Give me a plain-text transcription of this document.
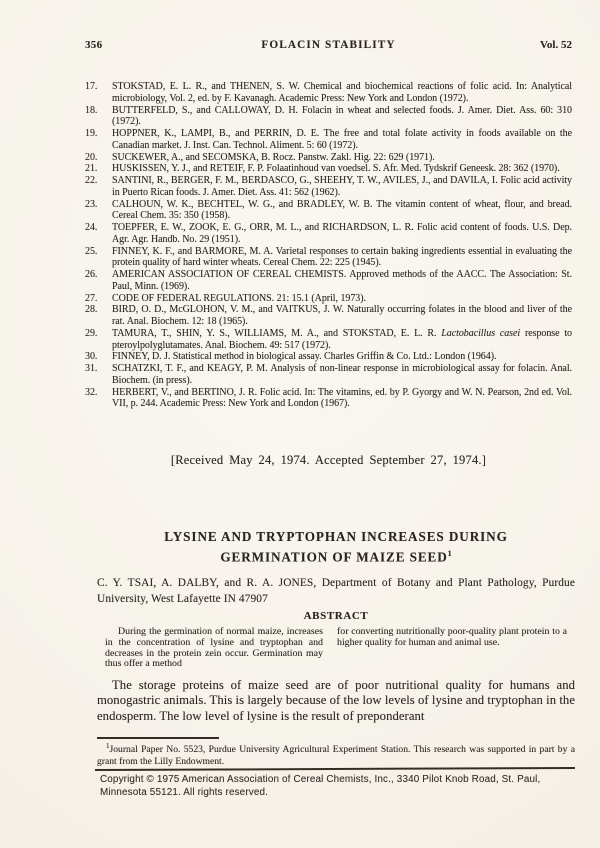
356	FOLACIN STABILITY	Vol. 52
17. STOKSTAD, E. L. R., and THENEN, S. W. Chemical and biochemical reactions of folic acid. In: Analytical microbiology, Vol. 2, ed. by F. Kavanagh. Academic Press: New York and London (1972).
18. BUTTERFELD, S., and CALLOWAY, D. H. Folacin in wheat and selected foods. J. Amer. Diet. Ass. 60: 310 (1972).
19. HOPPNER, K., LAMPI, B., and PERRIN, D. E. The free and total folate activity in foods available on the Canadian market. J. Inst. Can. Technol. Aliment. 5: 60 (1972).
20. SUCKEWER, A., and SECOMSKA, B. Rocz. Panstw. Zakl. Hig. 22: 629 (1971).
21. HUSKISSEN, Y. J., and RETEIF, F. P. Folaatinhoud van voedsel. S. Afr. Med. Tydskrif Geneesk. 28: 362 (1970).
22. SANTINI, R., BERGER, F. M., BERDASCO, G., SHEEHY, T. W., AVILES, J., and DAVILA, I. Folic acid activity in Puerto Rican foods. J. Amer. Diet. Ass. 41: 562 (1962).
23. CALHOUN, W. K., BECHTEL, W. G., and BRADLEY, W. B. The vitamin content of wheat, flour, and bread. Cereal Chem. 35: 350 (1958).
24. TOEPFER, E. W., ZOOK, E. G., ORR, M. L., and RICHARDSON, L. R. Folic acid content of foods. U.S. Dep. Agr. Agr. Handb. No. 29 (1951).
25. FINNEY, K. F., and BARMORE, M. A. Varietal responses to certain baking ingredients essential in evaluating the protein quality of hard winter wheats. Cereal Chem. 22: 225 (1945).
26. AMERICAN ASSOCIATION OF CEREAL CHEMISTS. Approved methods of the AACC. The Association: St. Paul, Minn. (1969).
27. CODE OF FEDERAL REGULATIONS. 21: 15.1 (April, 1973).
28. BIRD, O. D., McGLOHON, V. M., and VAITKUS, J. W. Naturally occurring folates in the blood and liver of the rat. Anal. Biochem. 12: 18 (1965).
29. TAMURA, T., SHIN, Y. S., WILLIAMS, M. A., and STOKSTAD, E. L. R. Lactobacillus casei response to pteroylpolyglutamates. Anal. Biochem. 49: 517 (1972).
30. FINNEY, D. J. Statistical method in biological assay. Charles Griffin & Co. Ltd.: London (1964).
31. SCHATZKI, T. F., and KEAGY, P. M. Analysis of non-linear response in microbiological assay for folacin. Anal. Biochem. (in press).
32. HERBERT, V., and BERTINO, J. R. Folic acid. In: The vitamins, ed. by P. Gyorgy and W. N. Pearson, 2nd ed. Vol. VII, p. 244. Academic Press: New York and London (1967).

[Received May 24, 1974. Accepted September 27, 1974.]

LYSINE AND TRYPTOPHAN INCREASES DURING
GERMINATION OF MAIZE SEED$^1$

C. Y. TSAI, A. DALBY, and R. A. JONES, Department of Botany and Plant Pathology, Purdue University, West Lafayette IN 47907

ABSTRACT

During the germination of normal maize, increases in the concentration of lysine and tryptophan and decreases in the protein zein occur. Germination may thus offer a method

for converting nutritionally poor-quality plant protein to a higher quality for human and animal use.

The storage proteins of maize seed are of poor nutritional quality for humans and monogastric animals. This is largely because of the low levels of lysine and tryptophan in the endosperm. The low level of lysine is the result of preponderant

$^1$Journal Paper No. 5523, Purdue University Agricultural Experiment Station. This research was supported in part by a grant from the Lilly Endowment.

Copyright © 1975 American Association of Cereal Chemists, Inc., 3340 Pilot Knob Road, St. Paul, Minnesota 55121. All rights reserved.
